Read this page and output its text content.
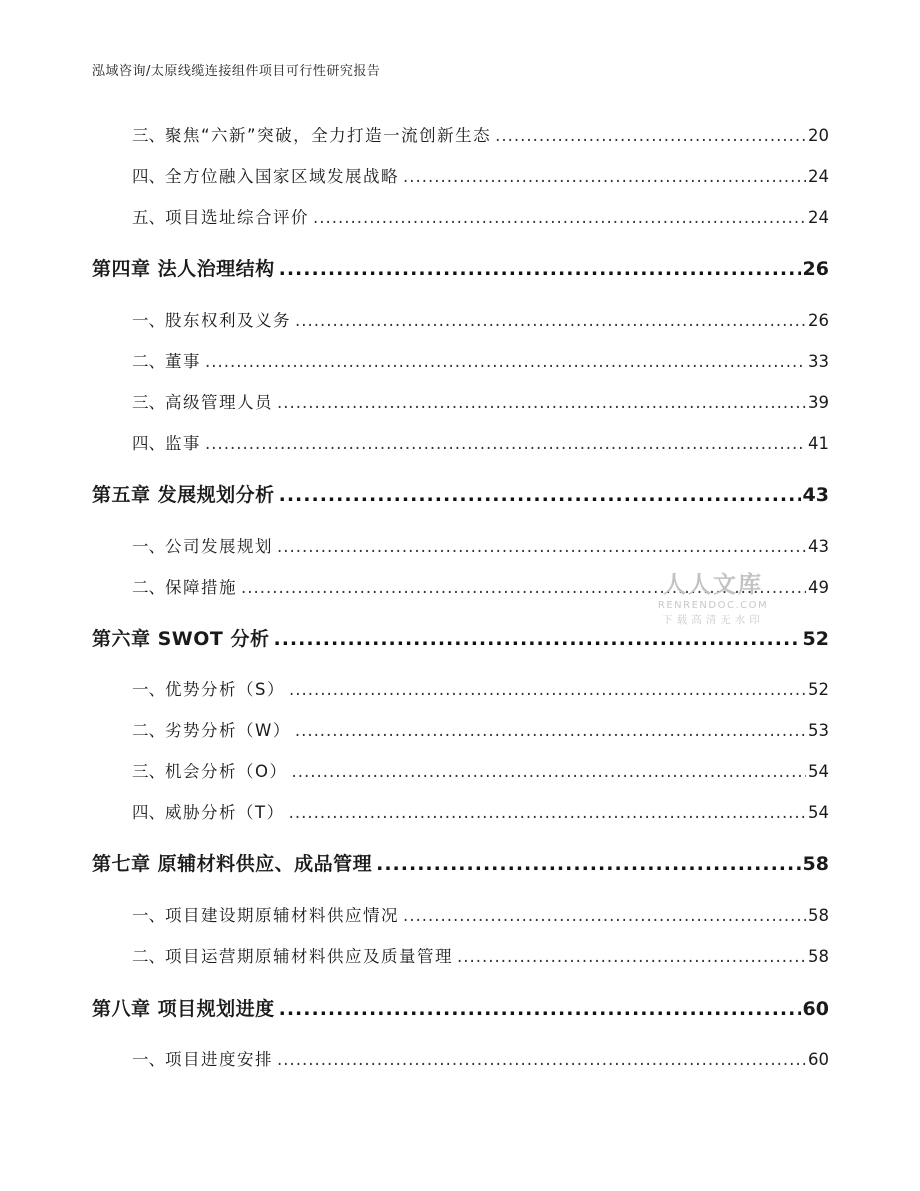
泓域咨询/太原线缆连接组件项目可行性研究报告
三、 聚焦“六新”突破，全力打造一流创新生态 .....	20
四、 全方位融入国家区域发展战略 .....	24
五、 项目选址综合评价 .....	24
第四章 法人治理结构 .....	26
一、 股东权利及义务 .....	26
二、 董事 .....	33
三、 高级管理人员 .....	39
四、 监事 .....	41
第五章 发展规划分析 .....	43
一、 公司发展规划 .....	43
二、 保障措施 .....	49
第六章 SWOT 分析 .....	52
一、 优势分析（S） .....	52
二、 劣势分析（W） .....	53
三、 机会分析（O） .....	54
四、 威胁分析（T） .....	54
第七章 原辅材料供应、成品管理 .....	58
一、 项目建设期原辅材料供应情况 .....	58
二、 项目运营期原辅材料供应及质量管理 .....	58
第八章 项目规划进度 .....	60
一、 项目进度安排 .....	60
人人文库
RENRENDOC.COM
下载高清无水印
